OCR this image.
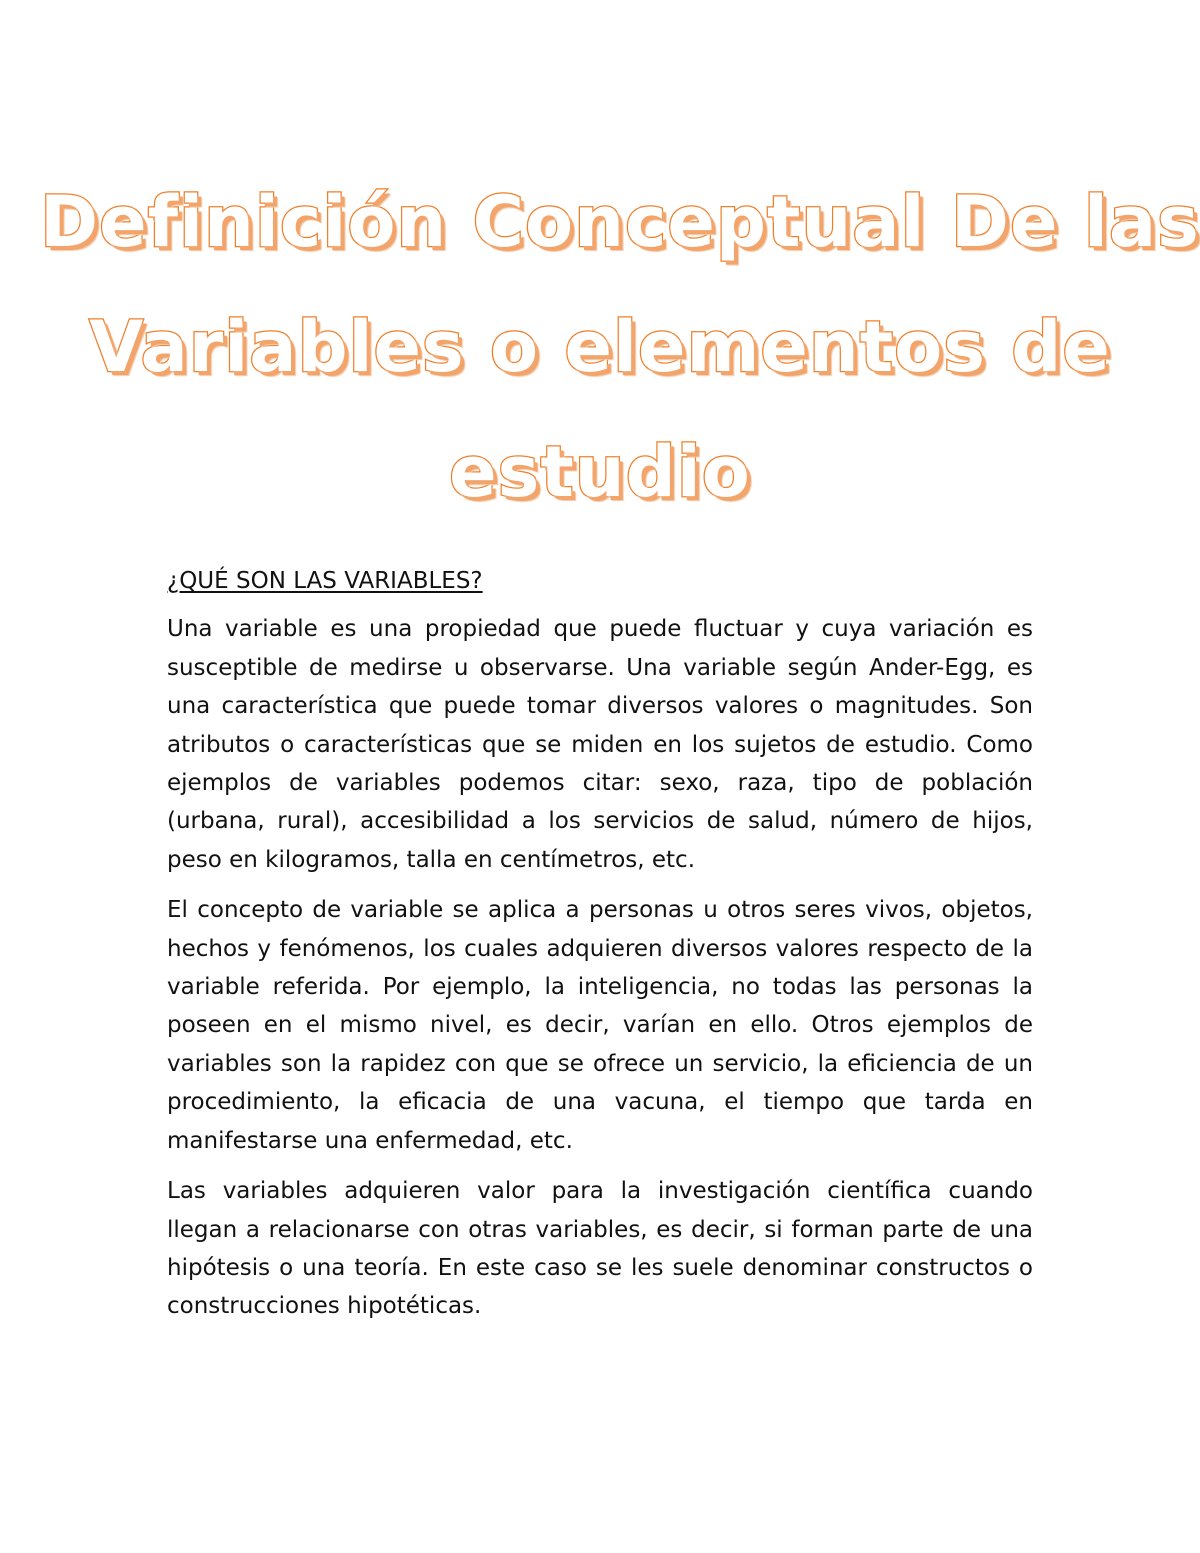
Definición Conceptual De las
Variables o elementos de
estudio

¿QUÉ SON LAS VARIABLES?

Una variable es una propiedad que puede fluctuar y cuya variación es susceptible de medirse u observarse. Una variable según Ander-Egg, es una característica que puede tomar diversos valores o magnitudes. Son atributos o características que se miden en los sujetos de estudio. Como ejemplos de variables podemos citar: sexo, raza, tipo de población (urbana, rural), accesibilidad a los servicios de salud, número de hijos, peso en kilogramos, talla en centímetros, etc.

El concepto de variable se aplica a personas u otros seres vivos, objetos, hechos y fenómenos, los cuales adquieren diversos valores respecto de la variable referida. Por ejemplo, la inteligencia, no todas las personas la poseen en el mismo nivel, es decir, varían en ello. Otros ejemplos de variables son la rapidez con que se ofrece un servicio, la eficiencia de un procedimiento, la eficacia de una vacuna, el tiempo que tarda en manifestarse una enfermedad, etc.

Las variables adquieren valor para la investigación científica cuando llegan a relacionarse con otras variables, es decir, si forman parte de una hipótesis o una teoría. En este caso se les suele denominar constructos o construcciones hipotéticas.
